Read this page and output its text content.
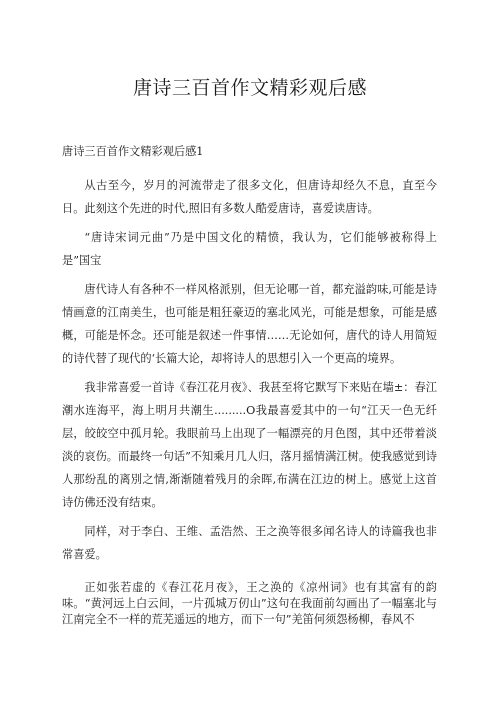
唐诗三百首作文精彩观后感

唐诗三百首作文精彩观后感1

从古至今，岁月的河流带走了很多文化，但唐诗却经久不息，直至今日。此刻这个先进的时代,照旧有多数人酷爱唐诗，喜爱读唐诗。

“唐诗宋词元曲”乃是中国文化的精愤，我认为，它们能够被称得上是”国宝

唐代诗人有各种不一样风格派别，但无论哪一首，都充溢韵味,可能是诗情画意的江南美生，也可能是粗狂豪迈的塞北风光，可能是想象，可能是感概，可能是怀念。还可能是叙述一件事情……无论如何，唐代的诗人用简短的诗代替了现代的‘长篇大论，却将诗人的思想引入一个更高的境界。

我非常喜爱一首诗《春江花月夜》、我甚至将它默写下来贴在墙±：春江潮水连海平，海上明月共潮生.........O我最喜爱其中的一句“江天一色无纤层，皎皎空中孤月轮。我眼前马上出现了一幅漂亮的月色图，其中还带着淡淡的哀伤。而最终一句话”不知乘月几人归，落月摇情满江树。使我感觉到诗人那纷乱的离別之情,渐渐随着残月的余晖,布满在江边的树上。感觉上这首诗仿佛还没有结束。

同样，对于李白、王维、孟浩然、王之涣等很多闻名诗人的诗篇我也非常喜爱。

正如张若虚的《春江花月夜》，王之涣的《凉州词》也有其富有的韵味。“黄河远上白云间，一片孤城万仞山”这句在我面前勾画出了一幅塞北与江南完全不一样的荒芜遥远的地方，而下一句”羌笛何须怨杨柳，春风不
